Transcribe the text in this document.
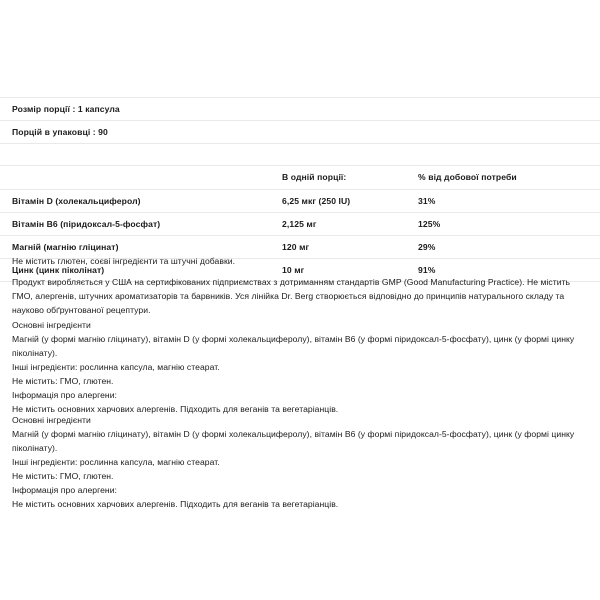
Розмір порції : 1 капсула		
Порцій в упаковці : 90		

	В одній порції:	% від добової потреби
Вітамін D (холекальциферол)	6,25 мкг (250 IU)	31%
Вітамін B6 (піридоксал-5-фосфат)	2,125 мг	125%
Магній (магнію гліцинат)	120 мг	29%
Цинк (цинк піколінат)	10 мг	91%

Не містить глютен, соєві інгредієнти та штучні добавки.

Продукт виробляється у США на сертифікованих підприємствах з дотриманням стандартів GMP (Good Manufacturing Practice). Не містить ГМО, алергенів, штучних ароматизаторів та барвників. Уся лінійка Dr. Berg створюється відповідно до принципів натурального складу та науково обґрунтованої рецептури.

Основні інгредієнти

Магній (у формі магнію гліцинату), вітамін D (у формі холекальциферолу), вітамін B6 (у формі піридоксал-5-фосфату), цинк (у формі цинку піколінату).

Інші інгредієнти: рослинна капсула, магнію стеарат.

Не містить: ГМО, глютен.

Інформація про алергени:

Не містить основних харчових алергенів. Підходить для веганів та вегетаріанців.

Основні інгредієнти

Магній (у формі магнію гліцинату), вітамін D (у формі холекальциферолу), вітамін B6 (у формі піридоксал-5-фосфату), цинк (у формі цинку піколінату).

Інші інгредієнти: рослинна капсула, магнію стеарат.

Не містить: ГМО, глютен.

Інформація про алергени:

Не містить основних харчових алергенів. Підходить для веганів та вегетаріанців.
